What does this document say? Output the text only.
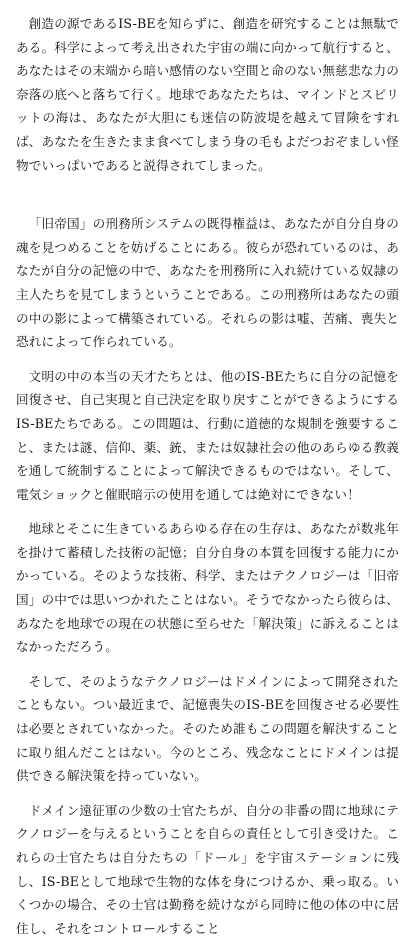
創造の源であるIS-BEを知らずに、創造を研究することは無駄である。科学によって考え出された宇宙の端に向かって航行すると、あなたはその末端から暗い感情のない空間と命のない無慈悲な力の奈落の底へと落ちて行く。地球であなたたちは、マインドとスピリットの海は、あなたが大胆にも迷信の防波堤を越えて冒険をすれば、あなたを生きたまま食べてしまう身の毛もよだつおぞましい怪物でいっぱいであると説得されてしまった。

「旧帝国」の刑務所システムの既得権益は、あなたが自分自身の魂を見つめることを妨げることにある。彼らが恐れているのは、あなたが自分の記憶の中で、あなたを刑務所に入れ続けている奴隷の主人たちを見てしまうということである。この刑務所はあなたの頭の中の影によって構築されている。それらの影は嘘、苦痛、喪失と恐れによって作られている。

文明の中の本当の天才たちとは、他のIS-BEたちに自分の記憶を回復させ、自己実現と自己決定を取り戻すことができるようにするIS-BEたちである。この問題は、行動に道徳的な規制を強要すること、または謎、信仰、薬、銃、または奴隷社会の他のあらゆる教義を通して統制することによって解決できるものではない。そして、電気ショックと催眠暗示の使用を通しては絶対にできない！

地球とそこに生きているあらゆる存在の生存は、あなたが数兆年を掛けて蓄積した技術の記憶；自分自身の本質を回復する能力にかかっている。そのような技術、科学、またはテクノロジーは「旧帝国」の中では思いつかれたことはない。そうでなかったら彼らは、あなたを地球での現在の状態に至らせた「解決策」に訴えることはなかっただろう。

そして、そのようなテクノロジーはドメインによって開発されたこともない。つい最近まで、記憶喪失のIS-BEを回復させる必要性は必要とされていなかった。そのため誰もこの問題を解決することに取り組んだことはない。今のところ、残念なことにドメインは提供できる解決策を持っていない。

ドメイン遠征軍の少数の士官たちが、自分の非番の間に地球にテクノロジーを与えるということを自らの責任として引き受けた。これらの士官たちは自分たちの「ドール」を宇宙ステーションに残し、IS-BEとして地球で生物的な体を身につけるか、乗っ取る。いくつかの場合、その士官は勤務を続けながら同時に他の体の中に居住し、それをコントロールすること
